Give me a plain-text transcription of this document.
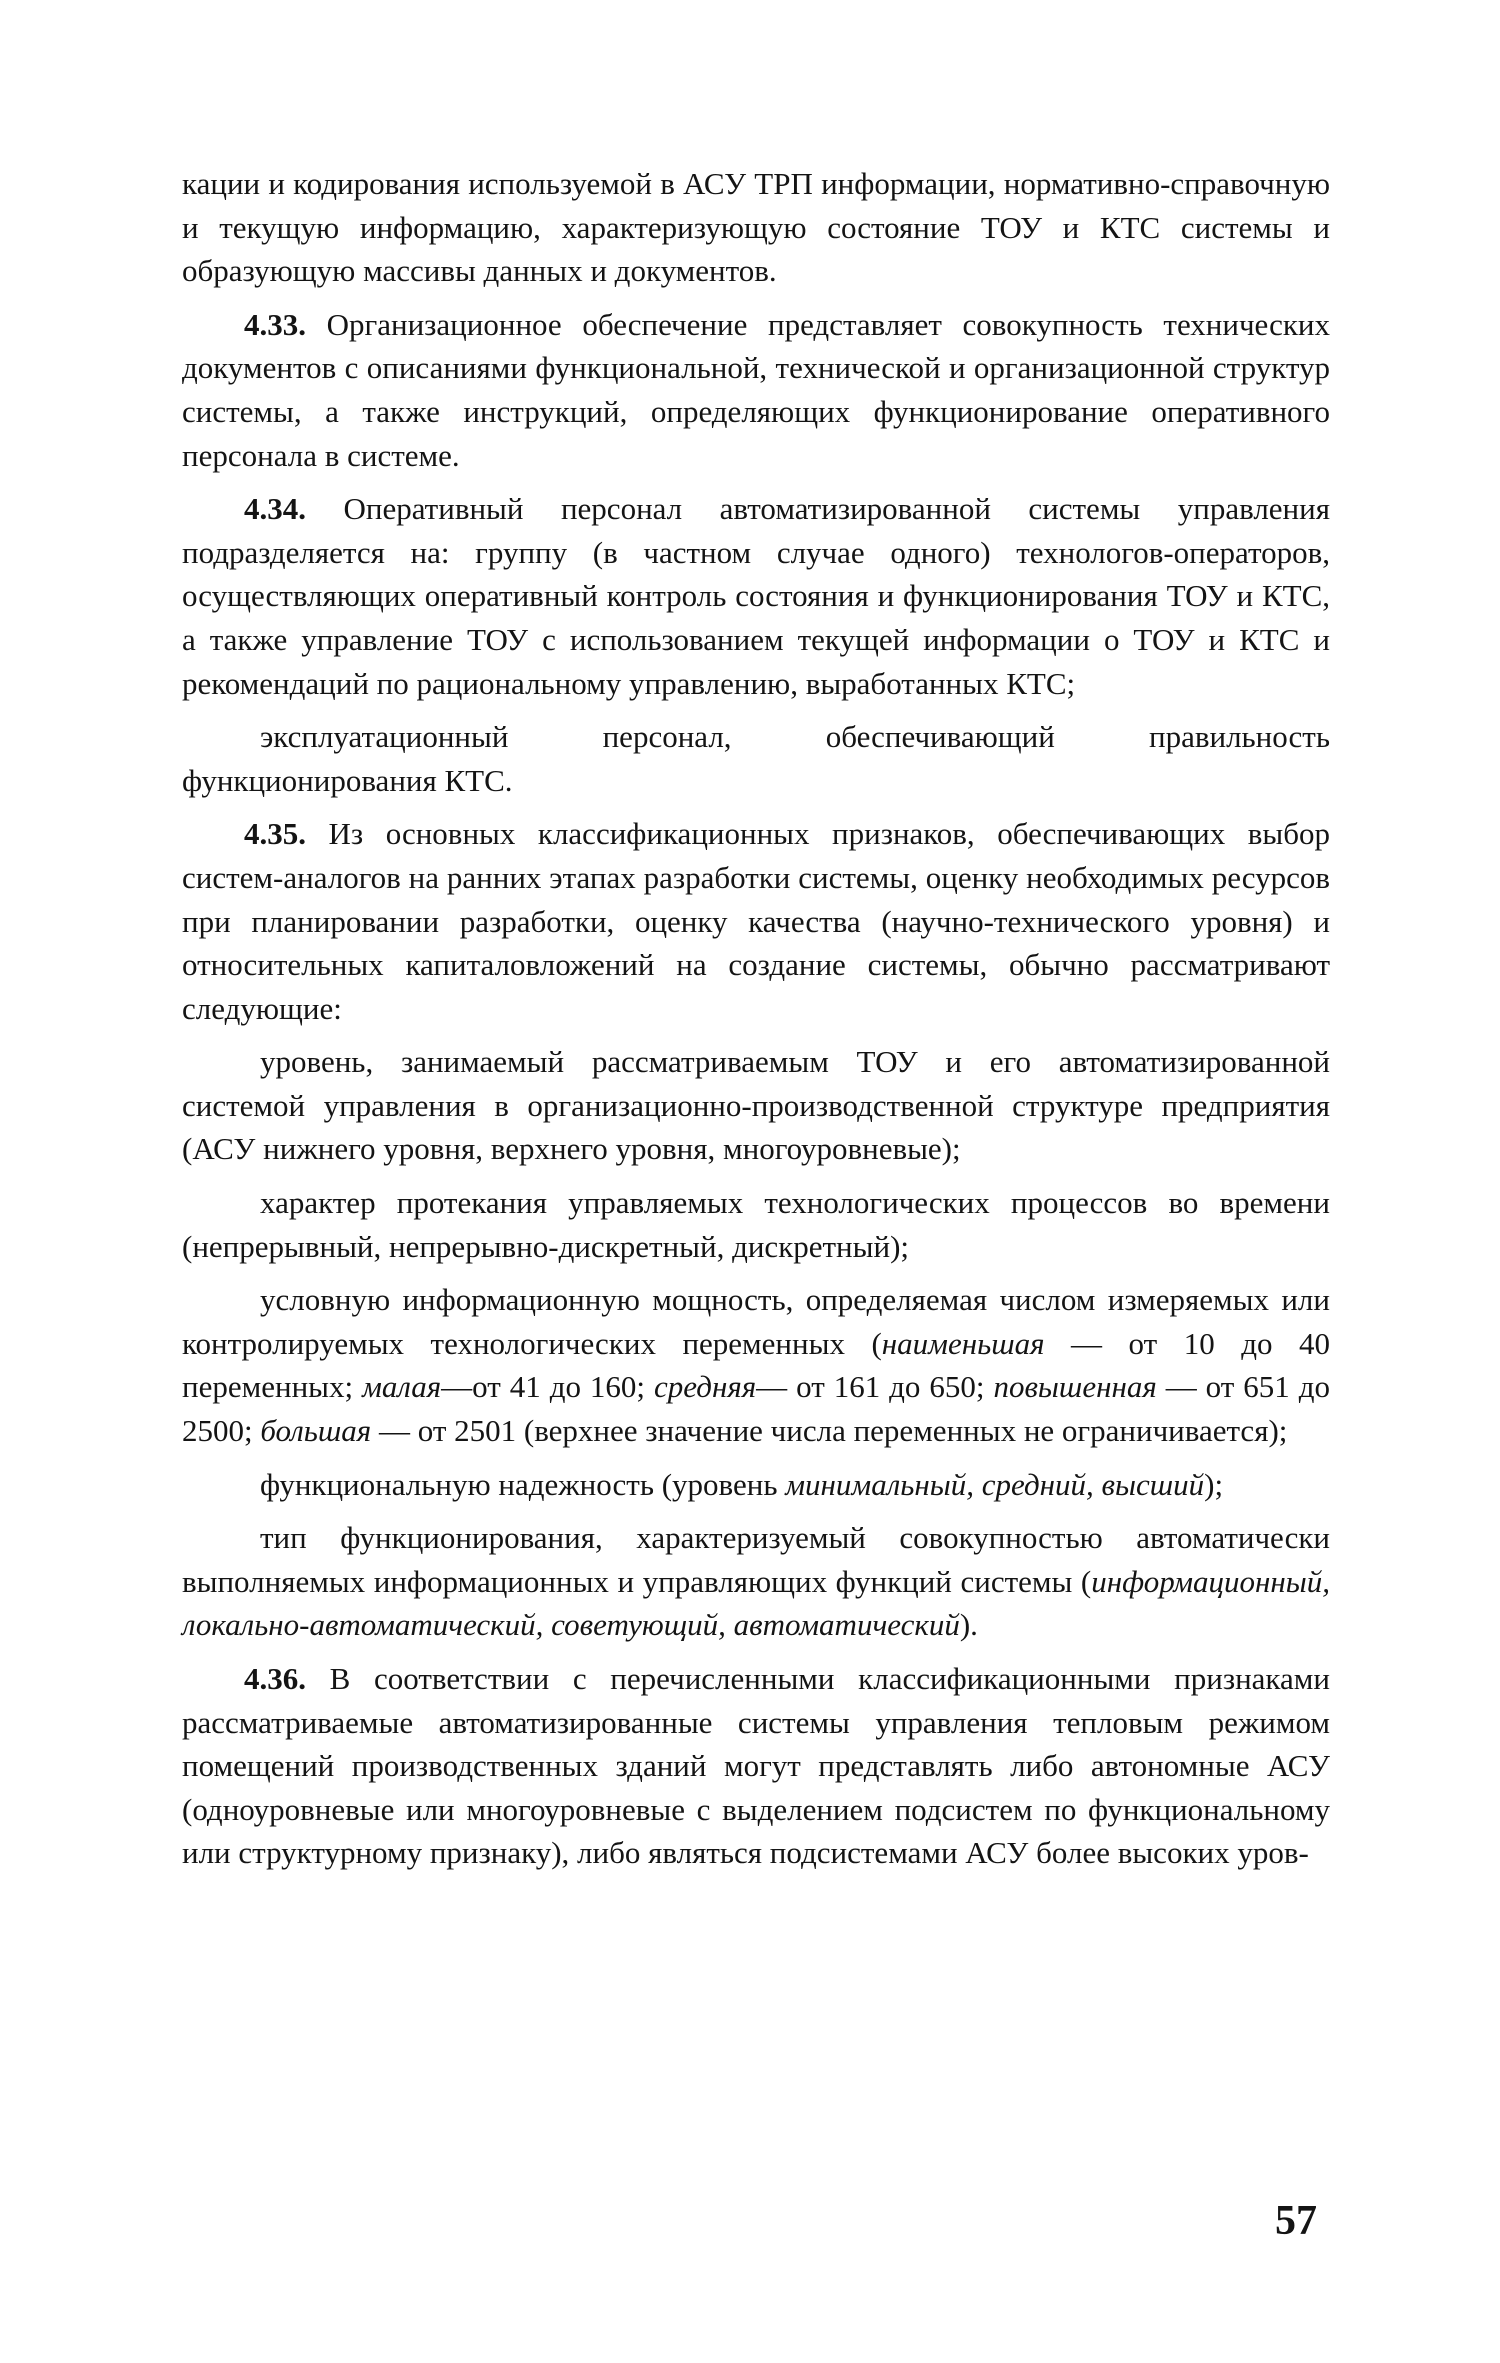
кации и кодирования используемой в АСУ ТРП информации, нормативно-справочную и текущую информацию, характеризующую состояние ТОУ и КТС системы и образующую массивы данных и документов.

4.33. Организационное обеспечение представляет совокупность технических документов с описаниями функциональной, технической и организационной структур системы, а также инструкций, определяющих функционирование оперативного персонала в системе.

4.34. Оперативный персонал автоматизированной системы управления подразделяется на: группу (в частном случае одного) технологов-операторов, осуществляющих оперативный контроль состояния и функционирования ТОУ и КТС, а также управление ТОУ с использованием текущей информации о ТОУ и КТС и рекомендаций по рациональному управлению, выработанных КТС;

эксплуатационный персонал, обеспечивающий правильность функционирования КТС.

4.35. Из основных классификационных признаков, обеспечивающих выбор систем-аналогов на ранних этапах разработки системы, оценку необходимых ресурсов при планировании разработки, оценку качества (научно-технического уровня) и относительных капиталовложений на создание системы, обычно рассматривают следующие:

уровень, занимаемый рассматриваемым ТОУ и его автоматизированной системой управления в организационно-производственной структуре предприятия (АСУ нижнего уровня, верхнего уровня, многоуровневые);

характер протекания управляемых технологических процессов во времени (непрерывный, непрерывно-дискретный, дискретный);

условную информационную мощность, определяемая числом измеряемых или контролируемых технологических переменных (наименьшая — от 10 до 40 переменных; малая—от 41 до 160; средняя— от 161 до 650; повышенная — от 651 до 2500; большая — от 2501 (верхнее значение числа переменных не ограничивается);

функциональную надежность (уровень минимальный, средний, высший);

тип функционирования, характеризуемый совокупностью автоматически выполняемых информационных и управляющих функций системы (информационный, локально-автоматический, советующий, автоматический).

4.36. В соответствии с перечисленными классификационными признаками рассматриваемые автоматизированные системы управления тепловым режимом помещений производственных зданий могут представлять либо автономные АСУ (одноуровневые или многоуровневые с выделением подсистем по функциональному или структурному признаку), либо являться подсистемами АСУ более высоких уров-

57
